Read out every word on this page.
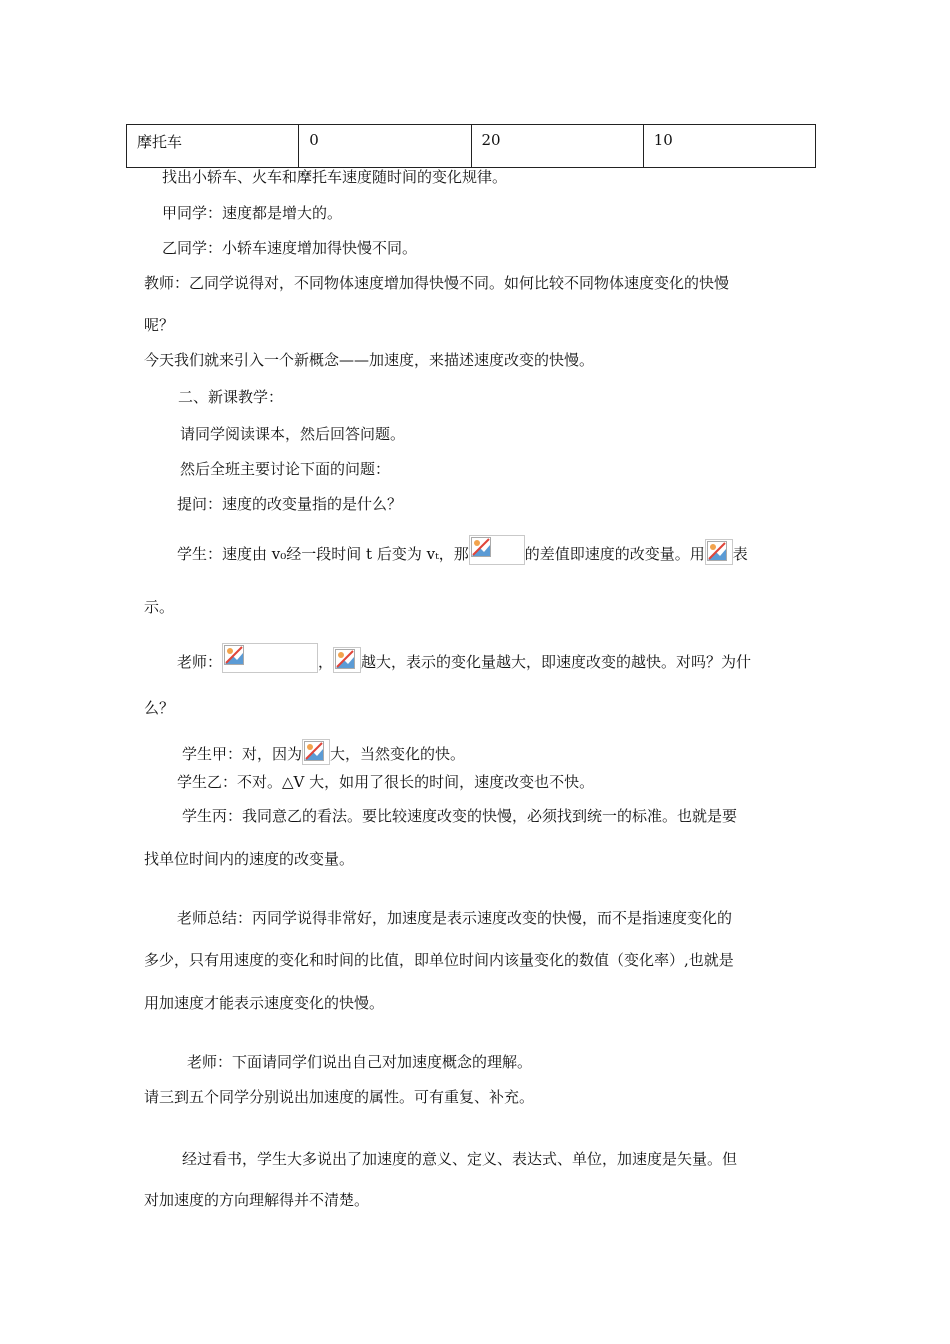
摩托车	0	20	10
找出小轿车、火车和摩托车速度随时间的变化规律。
甲同学：速度都是增大的。
乙同学：小轿车速度增加得快慢不同。
教师：乙同学说得对，不同物体速度增加得快慢不同。如何比较不同物体速度变化的快慢
呢？
今天我们就来引入一个新概念——加速度，来描述速度改变的快慢。
二、新课教学：
请同学阅读课本，然后回答问题。
然后全班主要讨论下面的问题：
提问：速度的改变量指的是什么？
学生：速度由 v₀经一段时间 t 后变为 vₜ，那	的差值即速度的改变量。用 表
示。
老师：	， 越大，表示的变化量越大，即速度改变的越快。对吗？为什
么？
学生甲：对，因为 大，当然变化的快。
学生乙：不对。△V 大，如用了很长的时间，速度改变也不快。
学生丙：我同意乙的看法。要比较速度改变的快慢，必须找到统一的标准。也就是要
找单位时间内的速度的改变量。
老师总结：丙同学说得非常好，加速度是表示速度改变的快慢，而不是指速度变化的
多少，只有用速度的变化和时间的比值，即单位时间内该量变化的数值（变化率）,也就是
用加速度才能表示速度变化的快慢。
老师：下面请同学们说出自己对加速度概念的理解。
请三到五个同学分别说出加速度的属性。可有重复、补充。
经过看书，学生大多说出了加速度的意义、定义、表达式、单位，加速度是矢量。但
对加速度的方向理解得并不清楚。
